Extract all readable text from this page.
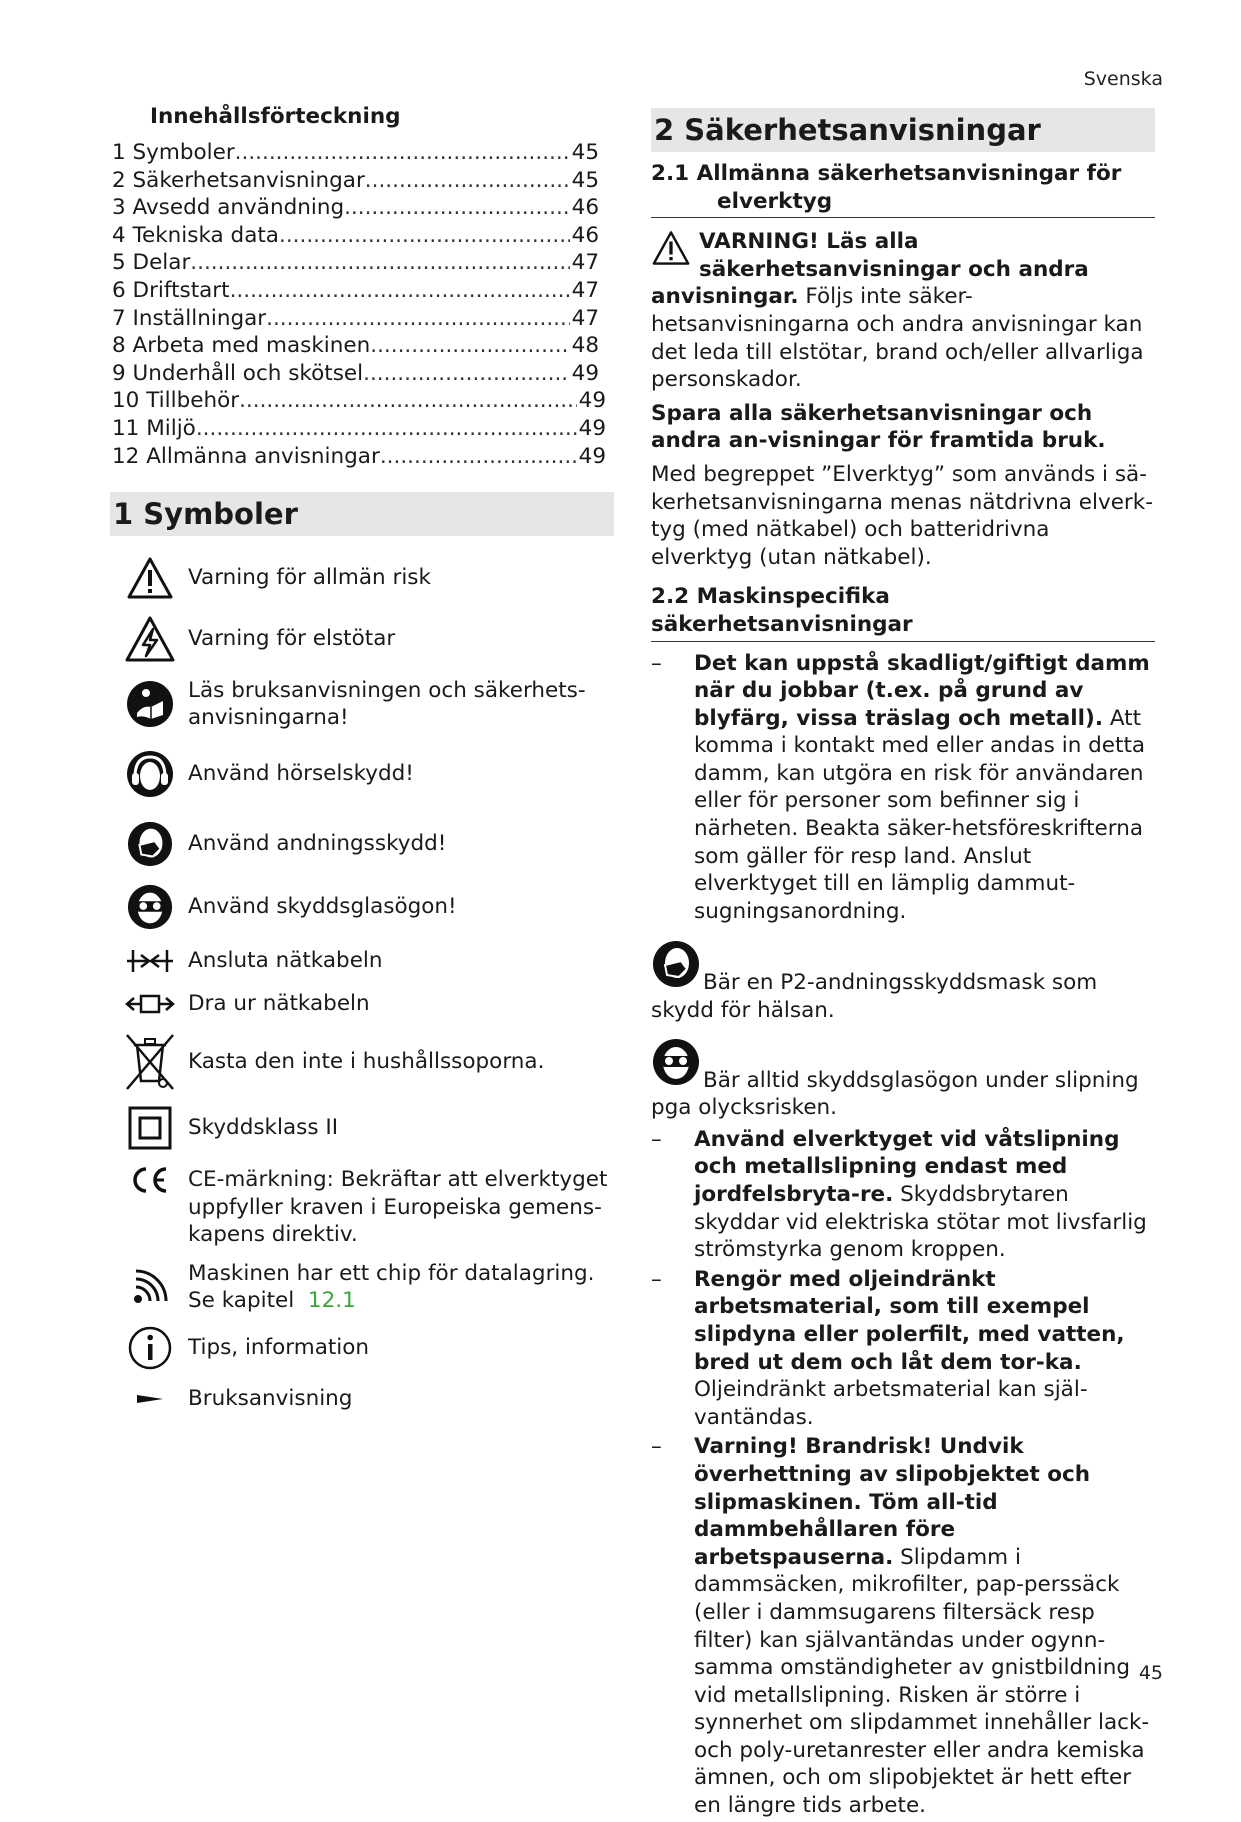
Svenska
Innehållsförteckning
1 Symboler .....	45
2 Säkerhetsanvisningar .....	45
3 Avsedd användning .....	46
4 Tekniska data .....	46
5 Delar .....	47
6 Driftstart .....	47
7 Inställningar .....	47
8 Arbeta med maskinen .....	48
9 Underhåll och skötsel .....	49
10 Tillbehör .....	49
11 Miljö .....	49
12 Allmänna anvisningar .....	49
1 Symboler
Varning för allmän risk
Varning för elstötar
Läs bruksanvisningen och säkerhets-anvisningarna!
Använd hörselskydd!
Använd andningsskydd!
Använd skyddsglasögon!
Ansluta nätkabeln
Dra ur nätkabeln
Kasta den inte i hushållssoporna.
Skyddsklass II
CE-märkning: Bekräftar att elverktyget uppfyller kraven i Europeiska gemens-kapens direktiv.
Maskinen har ett chip för datalagring. Se kapitel 12.1
Tips, information
Bruksanvisning
2 Säkerhetsanvisningar
2.1 Allmänna säkerhetsanvisningar för
elverktyg
VARNING! Läs alla säkerhetsanvisningar och andra anvisningar. Följs inte säker-hetsanvisningarna och andra anvisningar kan det leda till elstötar, brand och/eller allvarliga personskador.
Spara alla säkerhetsanvisningar och andra an-visningar för framtida bruk.
Med begreppet ”Elverktyg” som används i sä-kerhetsanvisningarna menas nätdrivna elverk-tyg (med nätkabel) och batteridrivna elverktyg (utan nätkabel).
2.2 Maskinspecifika säkerhetsanvisningar
– Det kan uppstå skadligt/giftigt damm när du jobbar (t.ex. på grund av blyfärg, vissa träslag och metall). Att komma i kontakt med eller andas in detta damm, kan utgöra en risk för användaren eller för personer som befinner sig i närheten. Beakta säker-hetsföreskrifterna som gäller för resp land. Anslut elverktyget till en lämplig dammut-sugningsanordning.
Bär en P2-andningsskyddsmask som skydd för hälsan.
Bär alltid skyddsglasögon under slipning pga olycksrisken.
– Använd elverktyget vid våtslipning och metallslipning endast med jordfelsbryta-re. Skyddsbrytaren skyddar vid elektriska stötar mot livsfarlig strömstyrka genom kroppen.
– Rengör med oljeindränkt arbetsmaterial, som till exempel slipdyna eller polerfilt, med vatten, bred ut dem och låt dem tor-ka. Oljeindränkt arbetsmaterial kan själ-vantändas.
– Varning! Brandrisk! Undvik överhettning av slipobjektet och slipmaskinen. Töm all-tid dammbehållaren före arbetspauserna. Slipdamm i dammsäcken, mikrofilter, pap-perssäck (eller i dammsugarens filtersäck resp filter) kan självantändas under ogynn-samma omständigheter av gnistbildning vid metallslipning. Risken är större i synnerhet om slipdammet innehåller lack- och poly-uretanrester eller andra kemiska ämnen, och om slipobjektet är hett efter en längre tids arbete.
45
